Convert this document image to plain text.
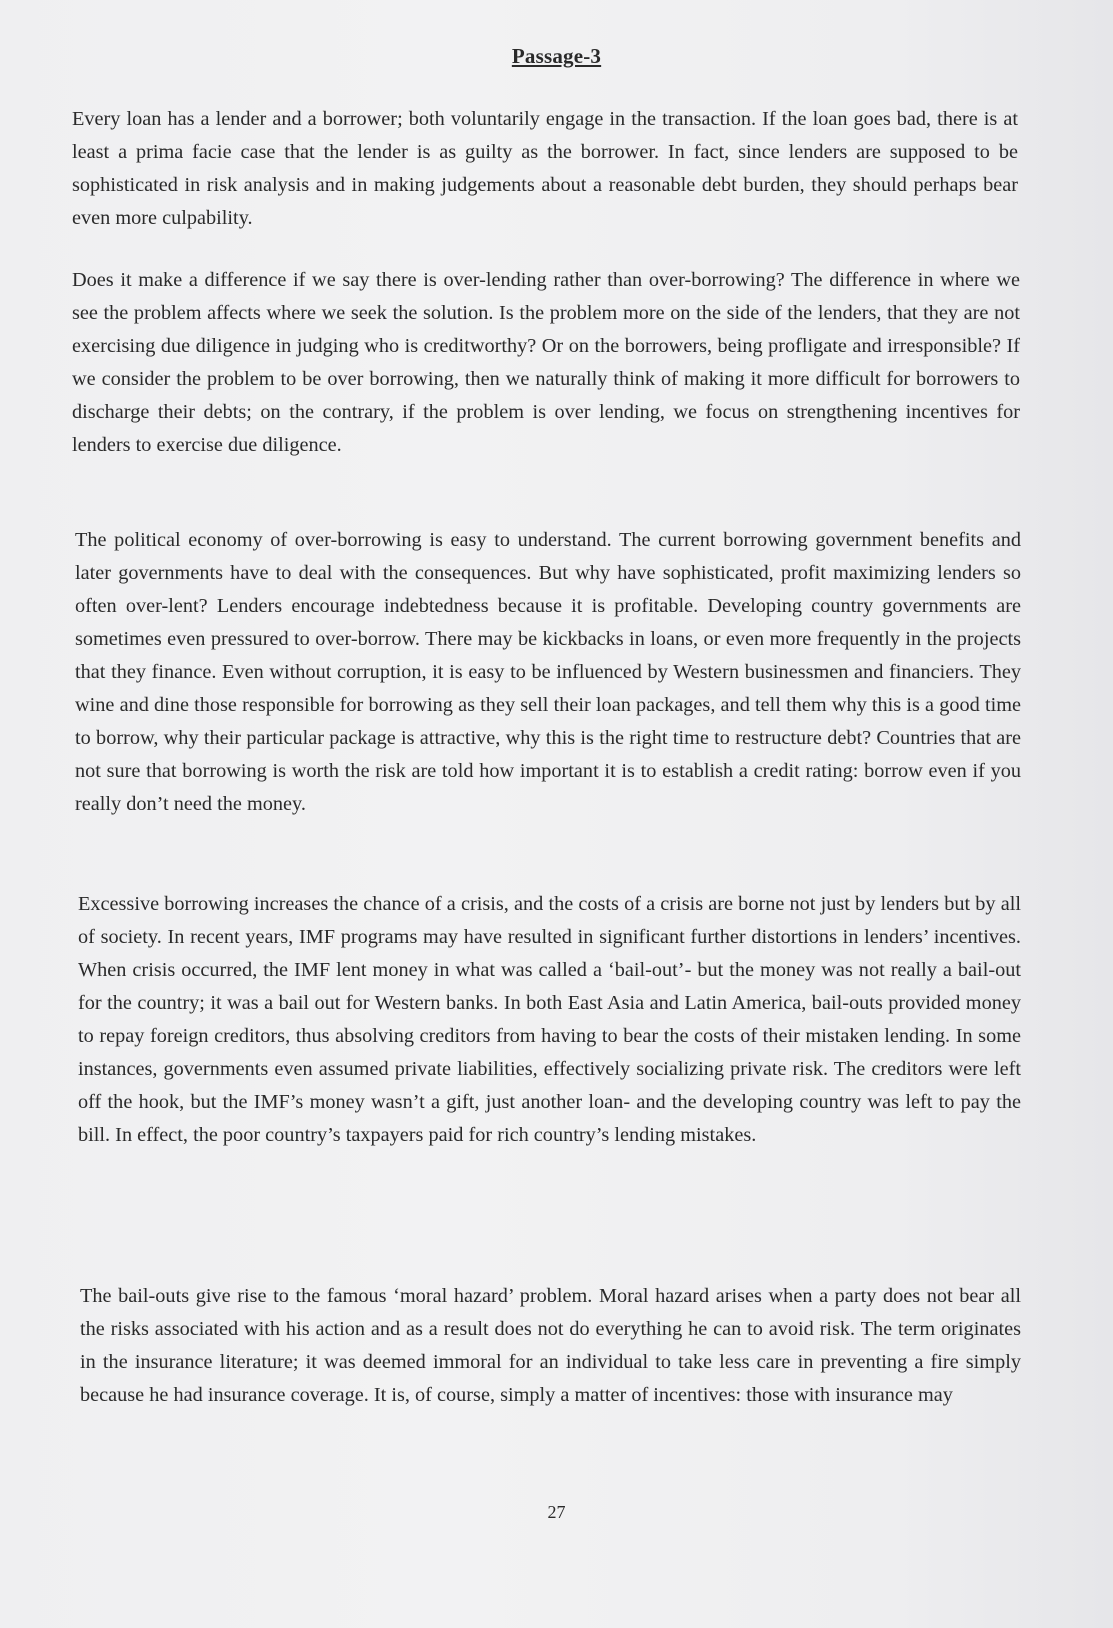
Passage-3

Every loan has a lender and a borrower; both voluntarily engage in the transaction. If the loan goes bad, there is at least a prima facie case that the lender is as guilty as the borrower. In fact, since lenders are supposed to be sophisticated in risk analysis and in making judgements about a reasonable debt burden, they should perhaps bear even more culpability.

Does it make a difference if we say there is over-lending rather than over-borrowing? The difference in where we see the problem affects where we seek the solution. Is the problem more on the side of the lenders, that they are not exercising due diligence in judging who is creditworthy? Or on the borrowers, being profligate and irresponsible? If we consider the problem to be over borrowing, then we naturally think of making it more difficult for borrowers to discharge their debts; on the contrary, if the problem is over lending, we focus on strengthening incentives for lenders to exercise due diligence.

The political economy of over-borrowing is easy to understand. The current borrowing government benefits and later governments have to deal with the consequences. But why have sophisticated, profit maximizing lenders so often over-lent? Lenders encourage indebtedness because it is profitable. Developing country governments are sometimes even pressured to over-borrow. There may be kickbacks in loans, or even more frequently in the projects that they finance. Even without corruption, it is easy to be influenced by Western businessmen and financiers. They wine and dine those responsible for borrowing as they sell their loan packages, and tell them why this is a good time to borrow, why their particular package is attractive, why this is the right time to restructure debt? Countries that are not sure that borrowing is worth the risk are told how important it is to establish a credit rating: borrow even if you really don’t need the money.

Excessive borrowing increases the chance of a crisis, and the costs of a crisis are borne not just by lenders but by all of society. In recent years, IMF programs may have resulted in significant further distortions in lenders’ incentives. When crisis occurred, the IMF lent money in what was called a ‘bail-out’- but the money was not really a bail-out for the country; it was a bail out for Western banks. In both East Asia and Latin America, bail-outs provided money to repay foreign creditors, thus absolving creditors from having to bear the costs of their mistaken lending. In some instances, governments even assumed private liabilities, effectively socializing private risk. The creditors were left off the hook, but the IMF’s money wasn’t a gift, just another loan- and the developing country was left to pay the bill. In effect, the poor country’s taxpayers paid for rich country’s lending mistakes.

The bail-outs give rise to the famous ‘moral hazard’ problem. Moral hazard arises when a party does not bear all the risks associated with his action and as a result does not do everything he can to avoid risk. The term originates in the insurance literature; it was deemed immoral for an individual to take less care in preventing a fire simply because he had insurance coverage. It is, of course, simply a matter of incentives: those with insurance may

27
